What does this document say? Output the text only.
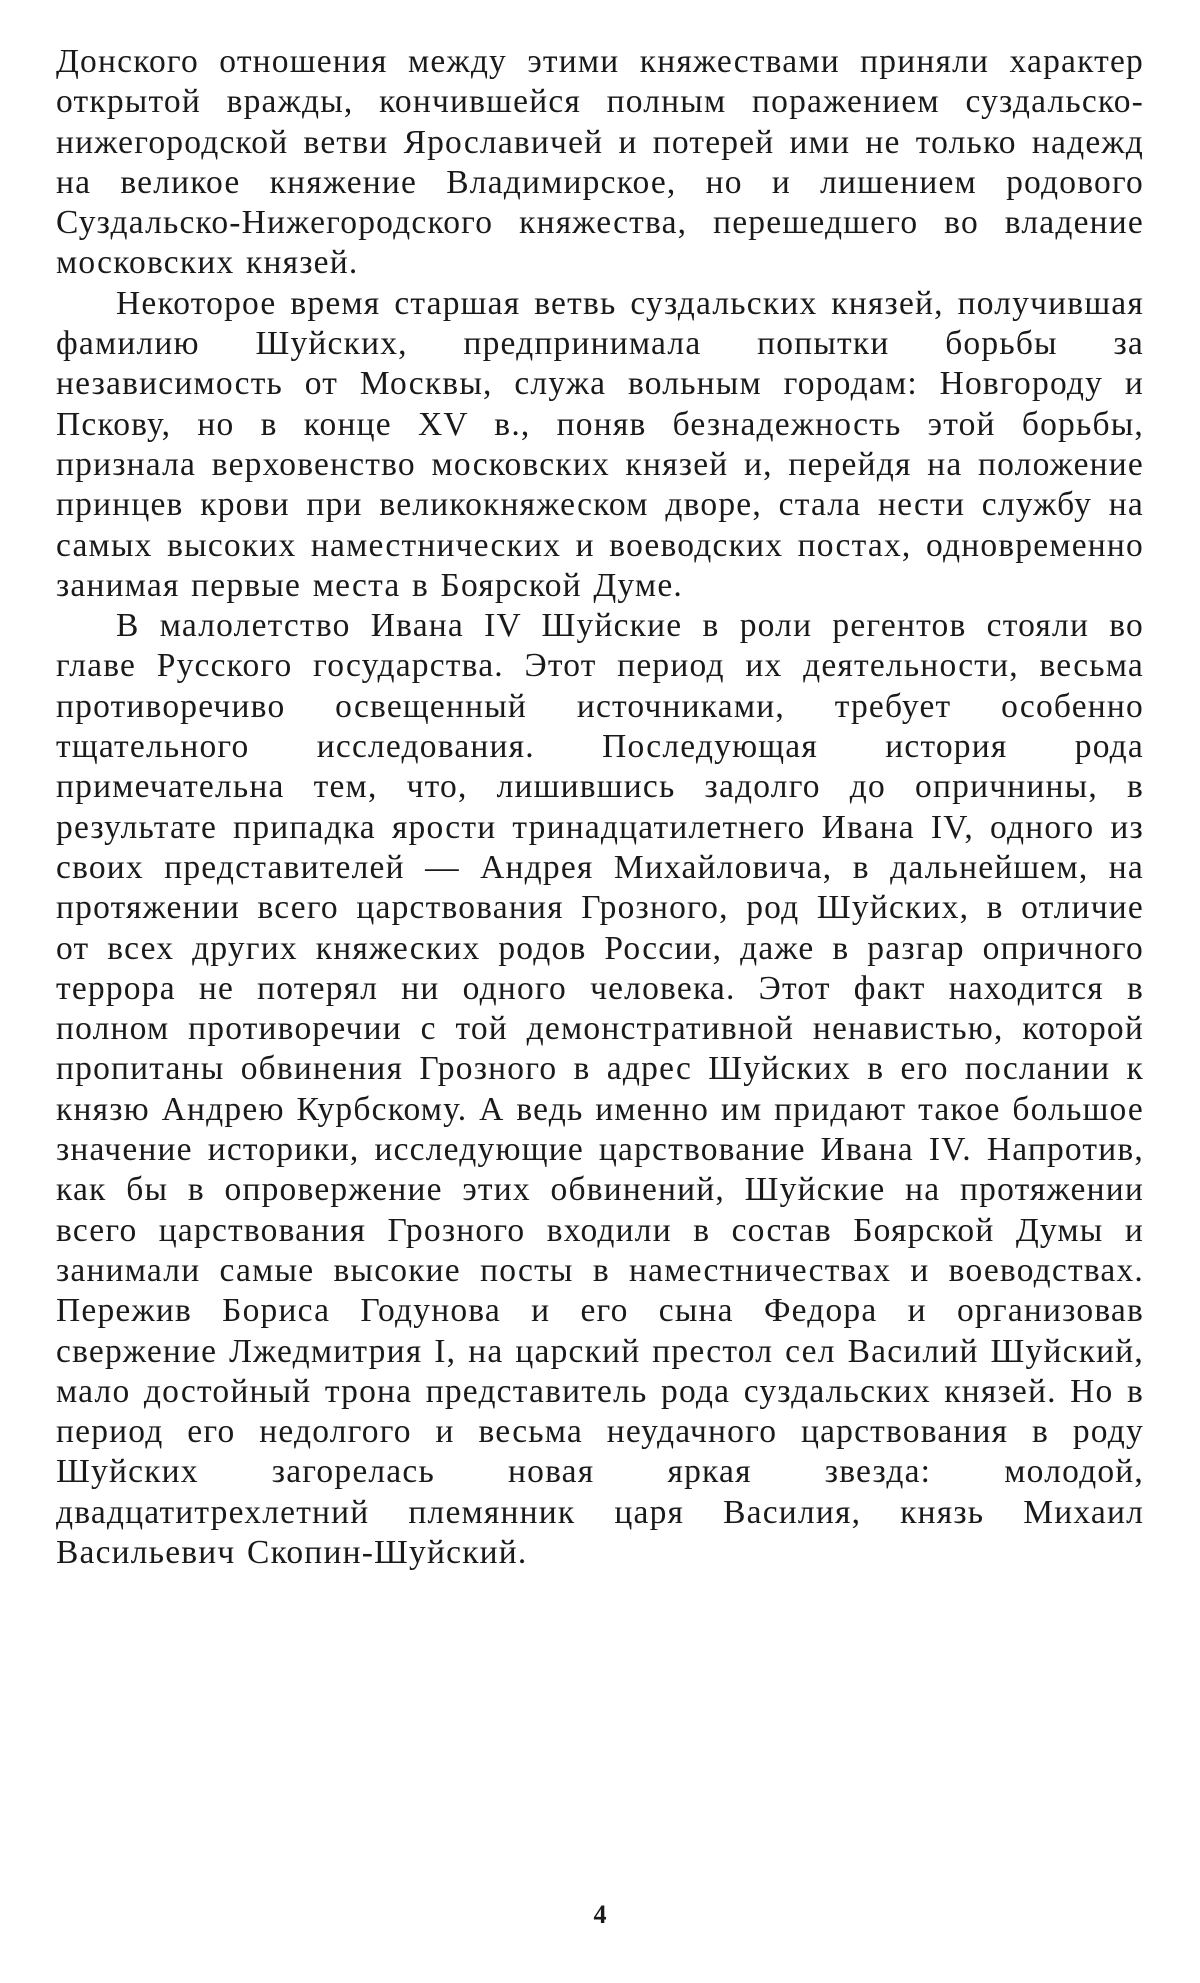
Донского отношения между этими княжествами приняли характер открытой вражды, кончившейся полным поражением суздальско-нижегородской ветви Ярославичей и потерей ими не только надежд на великое княжение Владимирское, но и лишением родового Суздальско-Нижегородского княжества, перешедшего во владение московских князей.

Некоторое время старшая ветвь суздальских князей, получившая фамилию Шуйских, предпринимала попытки борьбы за независимость от Москвы, служа вольным городам: Новгороду и Пскову, но в конце XV в., поняв безнадежность этой борьбы, признала верховенство московских князей и, перейдя на положение принцев крови при великокняжеском дворе, стала нести службу на самых высоких наместнических и воеводских постах, одновременно занимая первые места в Боярской Думе.

В малолетство Ивана IV Шуйские в роли регентов стояли во главе Русского государства. Этот период их деятельности, весьма противоречиво освещенный источниками, требует особенно тщательного исследования. Последующая история рода примечательна тем, что, лишившись задолго до опричнины, в результате припадка ярости тринадцатилетнего Ивана IV, одного из своих представителей — Андрея Михайловича, в дальнейшем, на протяжении всего царствования Грозного, род Шуйских, в отличие от всех других княжеских родов России, даже в разгар опричного террора не потерял ни одного человека. Этот факт находится в полном противоречии с той демонстративной ненавистью, которой пропитаны обвинения Грозного в адрес Шуйских в его послании к князю Андрею Курбскому. А ведь именно им придают такое большое значение историки, исследующие царствование Ивана IV. Напротив, как бы в опровержение этих обвинений, Шуйские на протяжении всего царствования Грозного входили в состав Боярской Думы и занимали самые высокие посты в наместничествах и воеводствах. Пережив Бориса Годунова и его сына Федора и организовав свержение Лжедмитрия I, на царский престол сел Василий Шуйский, мало достойный трона представитель рода суздальских князей. Но в период его недолгого и весьма неудачного царствования в роду Шуйских загорелась новая яркая звезда: молодой, двадцатитрехлетний племянник царя Василия, князь Михаил Васильевич Скопин-Шуйский.

4
